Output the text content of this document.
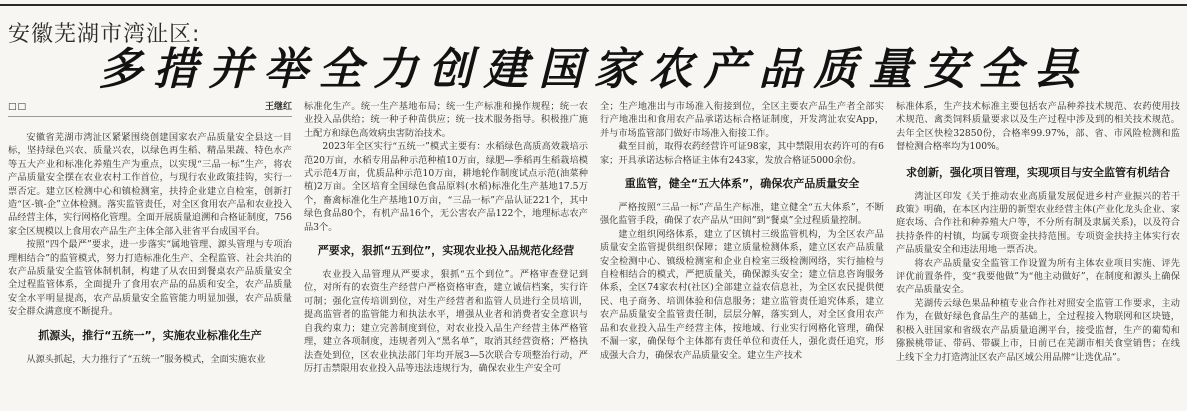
安徽芜湖市湾沚区:
多措并举全力创建国家农产品质量安全县
□□	王继红

安徽省芜湖市湾沚区紧紧围绕创建国家农产品质量安全县这一目标，坚持绿色兴农、质量兴农，以绿色再生稻、精品果蔬、特色水产等五大产业和标准化养殖生产为重点，以实现“三品一标”生产，将农产品质量安全摆在农业农村工作首位，与现行农业政策挂钩，实行一票否定。建立区检测中心和镇检测室，扶持企业建立自检室，创新打造“区-镇-企”立体检测。落实监管责任，对全区食用农产品和农业投入品经营主体，实行网格化管理。全面开展质量追溯和合格证制度，756家全区规模以上食用农产品生产主体全部入驻省平台成国平台。

按照“四个最严”要求，进一步落实“属地管理、源头管理与专项治理相结合”的监管模式，努力打造标准化生产、全程监管、社会共治的农产品质量安全监管体制机制，构建了从农田到餐桌农产品质量安全全过程监管体系，全面提升了食用农产品的品质和安全，农产品质量安全水平明显提高，农产品质量安全监管能力明显加强，农产品质量安全群众满意度不断提升。

抓源头，推行“五统一”，实施农业标准化生产

从源头抓起，大力推行了“五统一”服务模式，全面实施农业

标准化生产。统一生产基地布局；统一生产标准和操作规程；统一农业投入品供给；统一种子种苗供应；统一技术服务指导。积极推广施土配方和绿色高效病虫害防治技术。

2023年全区实行“五统一”模式主要有：水稻绿色高质高效栽培示范20万亩，水稻专用品种示范种植10万亩，绿肥—季稻再生稻栽培模式示范4万亩，优质品种示范10万亩，耕地轮作制度试点示范(油菜种植)2万亩。全区培育全国绿色食品原料(水稻)标准化生产基地17.5万个，畜禽标准化生产基地10万亩，“三品一标”产品认证221个，其中绿色食品80个，有机产品16个，无公害农产品122个，地理标志农产品3个。

严要求，狠抓“五到位”，实现农业投入品规范化经营

农业投入品管理从严要求，狠抓“五个到位”。严格审查登记到位，对所有的农资生产经营户严格资格审查，建立诚信档案，实行许可制；强化宣传培训到位，对生产经营者和监管人员进行全员培训，提高监管者的监管能力和执法水平，增强从业者和消费者安全意识与自我约束力；建立完善制度到位，对农业投入品生产经营主体严格管理，建立各项制度，违规者列入“黑名单”，取消其经营资格；严格执法查处到位，区农业执法部门年均开展3—5次联合专项整治行动，严厉打击禁限用农业投入品等违法违规行为，确保农业生产安全可

全；生产地准出与市场准入衔接到位，全区主要农产品生产者全部实行产地准出和食用农产品承诺达标合格证制度，开发湾沚农安App，并与市场监管部门做好市场准入衔接工作。

截至目前，取得农药经营许可证98家，其中禁限用农药许可的有6家；开具承诺达标合格证主体有243家，发放合格证5000余份。

重监管，健全“五大体系”，确保农产品质量安全

严格按照“三品一标”产品生产标准，建立健全“五大体系”，不断强化监管手段，确保了农产品从“田间”到“餐桌”全过程质量控制。

建立组织网络体系，建立了区镇村三级监管机构，为全区农产品质量安全监管提供组织保障；建立质量检测体系，建立区农产品质量安全检测中心、镇级检测室和企业自检室三级检测网络，实行抽检与自检相结合的模式，严把质量关，确保源头安全；建立信息咨询服务体系，全区74家农村(社区)全部建立益农信息社，为全区农民提供便民、电子商务、培训体验和信息服务；建立监管责任追究体系，建立农产品质量安全监管责任制，层层分解，落实到人，对全区食用农产品和农业投入品生产经营主体，按地域、行业实行网格化管理，确保不漏一家，确保每个主体都有责任单位和责任人，强化责任追究，形成强大合力，确保农产品质量安全。建立生产技术

标准体系，生产技术标准主要包括农产品种养技术规范、农药使用技术规范、禽类饲料质量要求以及生产过程中涉及到的相关技术规范。去年全区快检32850份，合格率99.97%，部、省、市风险检测和监督检测合格率均为100%。

求创新，强化项目管理，实现项目与安全监管有机结合

湾沚区印发《关于推动农业高质量发展促进乡村产业振兴的若干政策》明确，在本区内注册的新型农业经营主体(产业化龙头企业、家庭农场、合作社和种养殖大户等，不分所有制及隶属关系)，以及符合扶持条件的村镇，均属专项资金扶持范围。专项资金扶持主体实行农产品质量安全和违法用地一票否决。

将农产品质量安全监管工作设置为所有主体农业项目实施、评先评优前置条件，变“我要他做”为“他主动做好”，在制度和源头上确保农产品质量安全。

芜湖传云绿色果品种植专业合作社对照安全监管工作要求，主动作为，在做好绿色食品生产的基础上，全过程接入物联网和区块链，积极入驻国家和省级农产品质量追溯平台，接受监督，生产的葡萄和猕猴桃带证、带码、带碳上市，日前已在芜湖市相关食堂销售；在线上线下全力打造湾沚区农产品区域公用品牌“让选优品”。
